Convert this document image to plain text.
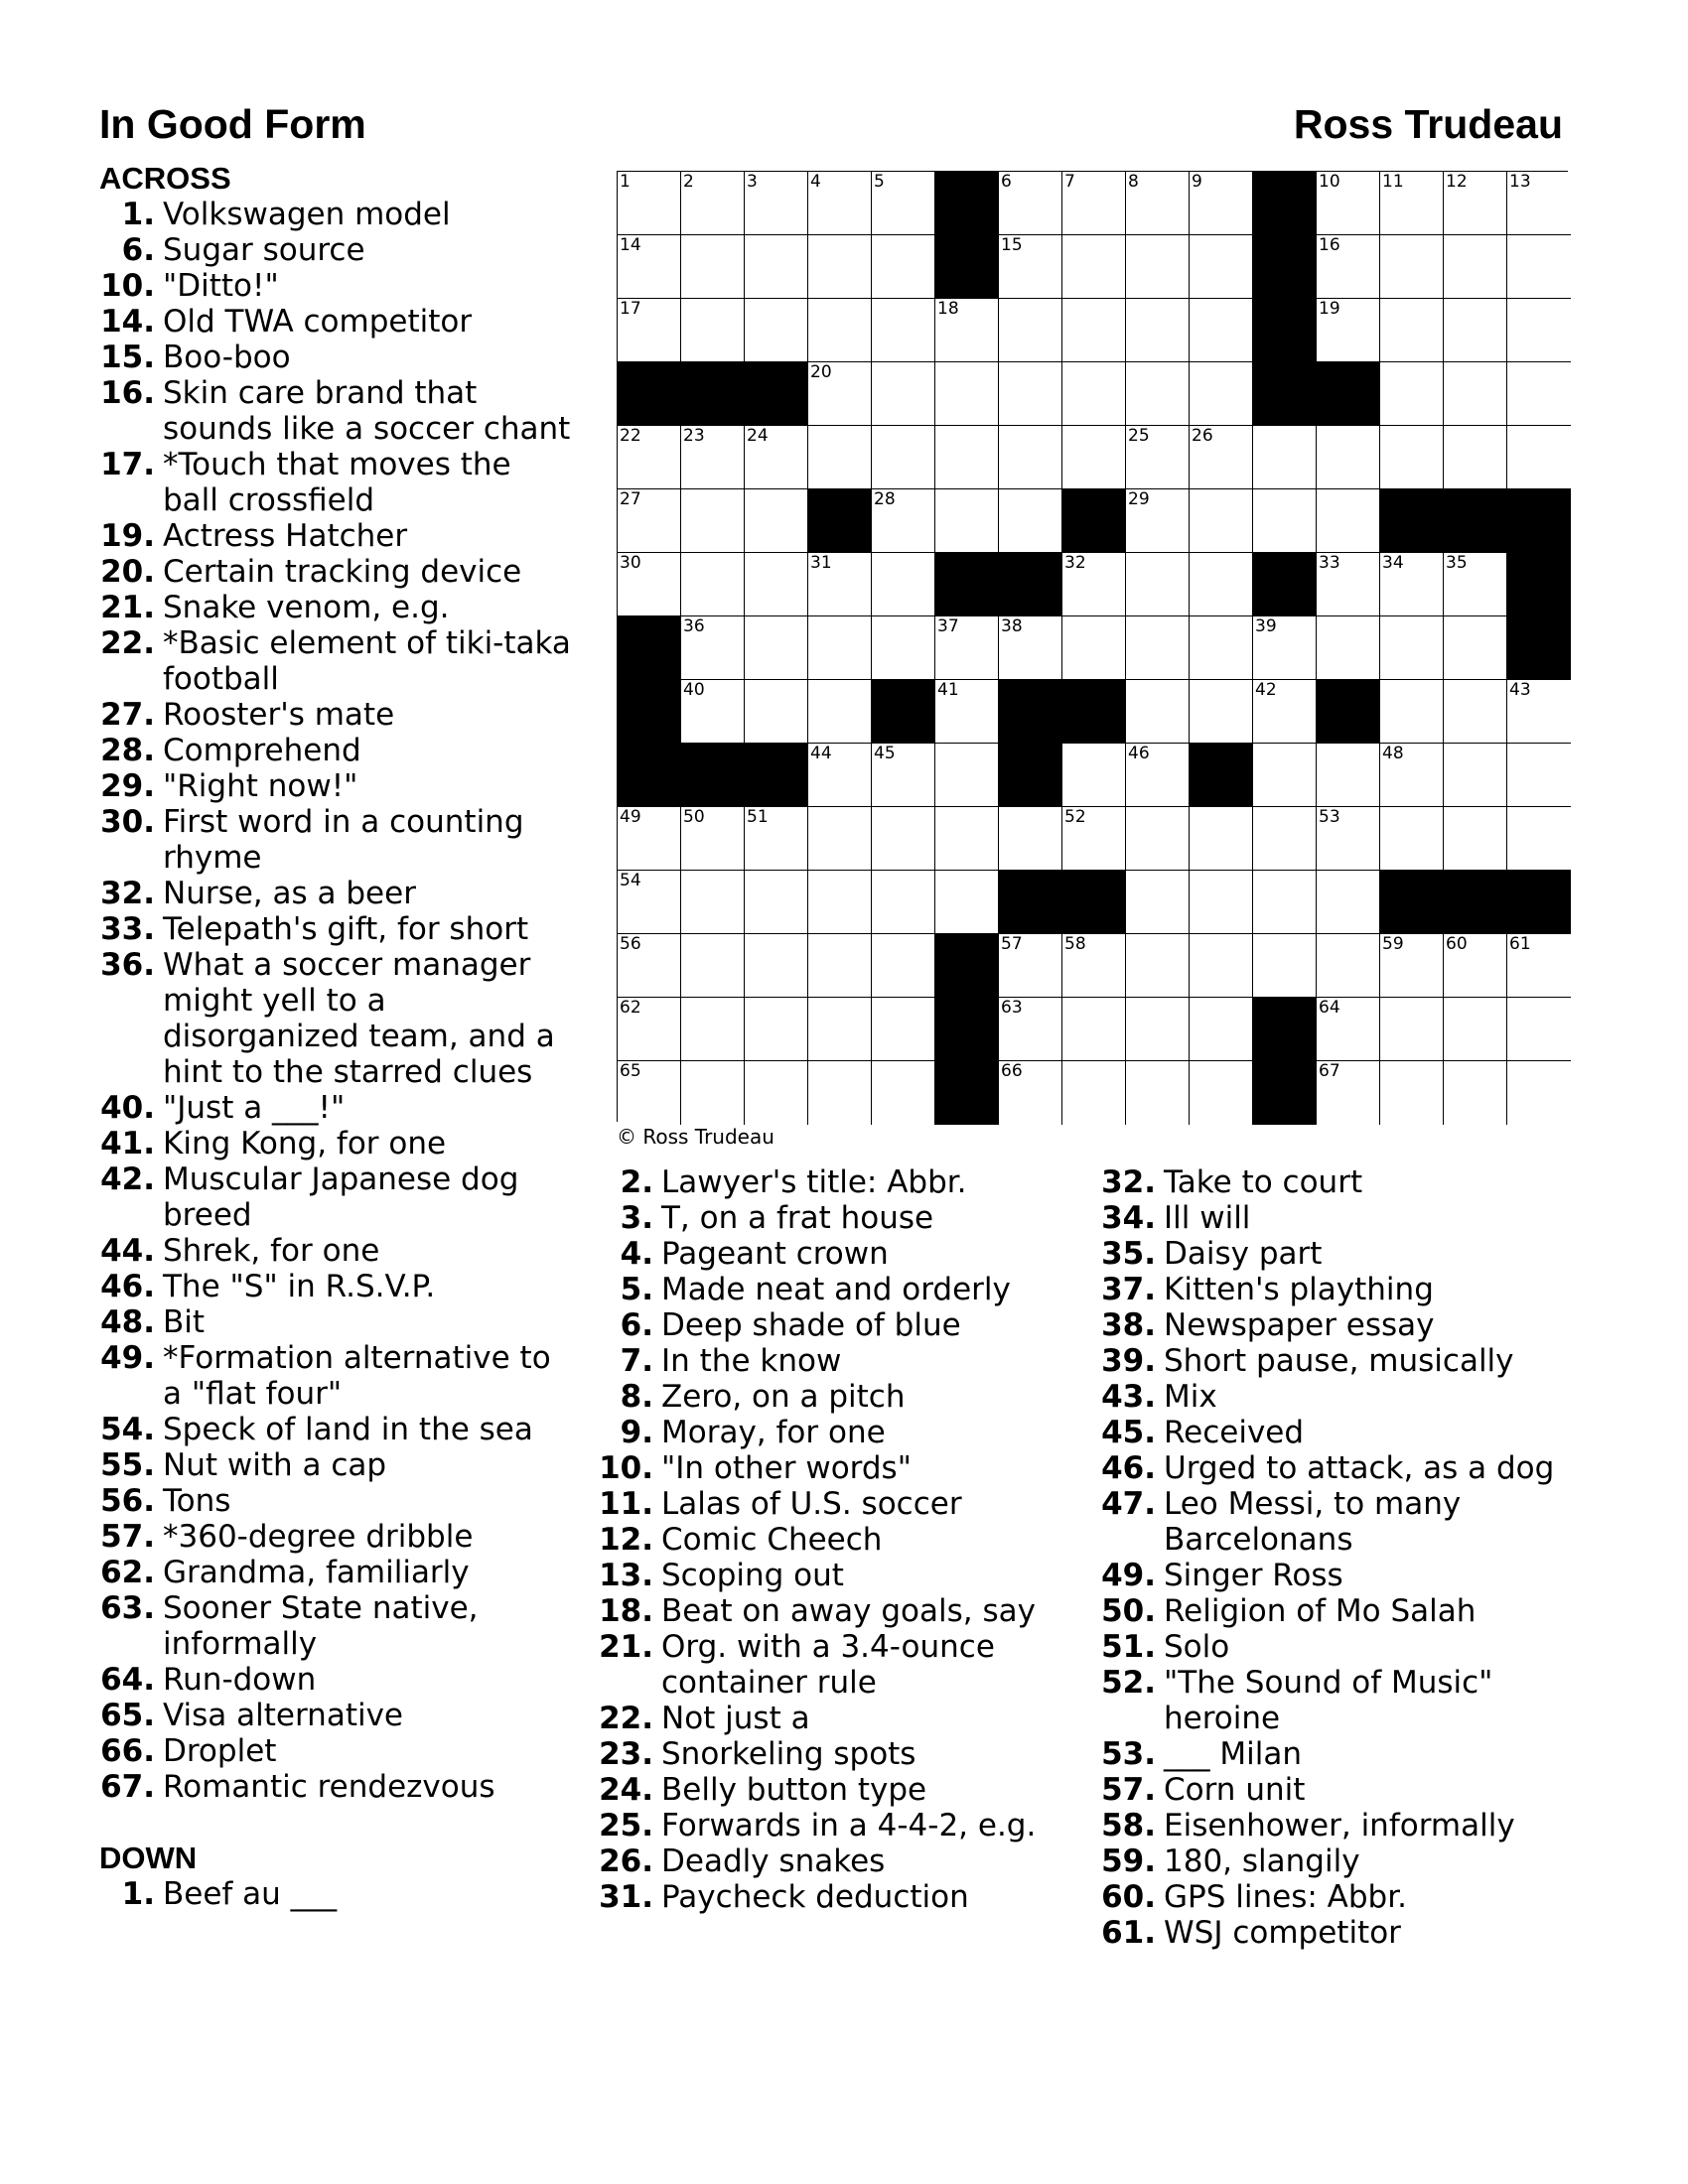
In Good Form	Ross Trudeau
ACROSS
1. Volkswagen model
6. Sugar source
10. "Ditto!"
14. Old TWA competitor
15. Boo-boo
16. Skin care brand that sounds like a soccer chant
17. *Touch that moves the ball crossfield
19. Actress Hatcher
20. Certain tracking device
21. Snake venom, e.g.
22. *Basic element of tiki-taka football
27. Rooster's mate
28. Comprehend
29. "Right now!"
30. First word in a counting rhyme
32. Nurse, as a beer
33. Telepath's gift, for short
36. What a soccer manager might yell to a disorganized team, and a hint to the starred clues
40. "Just a ___!"
41. King Kong, for one
42. Muscular Japanese dog breed
44. Shrek, for one
46. The "S" in R.S.V.P.
48. Bit
49. *Formation alternative to a "flat four"
54. Speck of land in the sea
55. Nut with a cap
56. Tons
57. *360-degree dribble
62. Grandma, familiarly
63. Sooner State native, informally
64. Run-down
65. Visa alternative
66. Droplet
67. Romantic rendezvous
DOWN
1. Beef au ___
1	2	3	4	5	6	7	8	9	10 11 12 13
14	15	16
17	18	19
20
22 23 24	25 26
27	28	29
30	31	32	33 34 35
36	37 38	39
40	41	42	43
44 45	46	48
49 50 51	52	53
54
56	57 58	59 60 61
62	63	64
65	66	67
© Ross Trudeau
2. Lawyer's title: Abbr.
3. T, on a frat house
4. Pageant crown
5. Made neat and orderly
6. Deep shade of blue
7. In the know
8. Zero, on a pitch
9. Moray, for one
10. "In other words"
11. Lalas of U.S. soccer
12. Comic Cheech
13. Scoping out
18. Beat on away goals, say
21. Org. with a 3.4-ounce container rule
22. Not just a
23. Snorkeling spots
24. Belly button type
25. Forwards in a 4-4-2, e.g.
26. Deadly snakes
31. Paycheck deduction
32. Take to court
34. Ill will
35. Daisy part
37. Kitten's plaything
38. Newspaper essay
39. Short pause, musically
43. Mix
45. Received
46. Urged to attack, as a dog
47. Leo Messi, to many Barcelonans
49. Singer Ross
50. Religion of Mo Salah
51. Solo
52. "The Sound of Music" heroine
53. ___ Milan
57. Corn unit
58. Eisenhower, informally
59. 180, slangily
60. GPS lines: Abbr.
61. WSJ competitor
